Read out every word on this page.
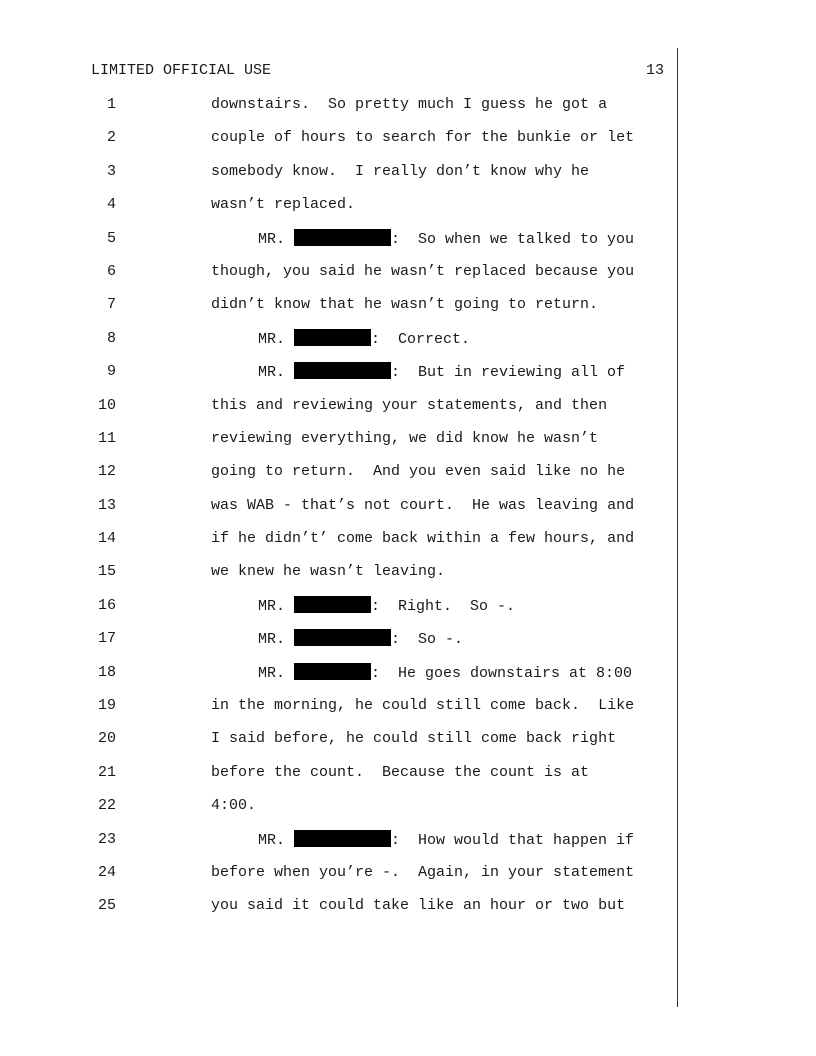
LIMITED OFFICIAL USE	13
1	downstairs.  So pretty much I guess he got a
2	couple of hours to search for the bunkie or let
3	somebody know.  I really don’t know why he
4	wasn’t replaced.
5	MR.	:  So when we talked to you
6	though, you said he wasn’t replaced because you
7	didn’t know that he wasn’t going to return.
8	MR.	:  Correct.
9	MR.	:  But in reviewing all of
10	this and reviewing your statements, and then
11	reviewing everything, we did know he wasn’t
12	going to return.  And you even said like no he
13	was WAB - that’s not court.  He was leaving and
14	if he didn’t’ come back within a few hours, and
15	we knew he wasn’t leaving.
16	MR.	:  Right.  So -.
17	MR.	:  So -.
18	MR.	:  He goes downstairs at 8:00
19	in the morning, he could still come back.  Like
20	I said before, he could still come back right
21	before the count.  Because the count is at
22	4:00.
23	MR.	:  How would that happen if
24	before when you’re -.  Again, in your statement
25	you said it could take like an hour or two but
